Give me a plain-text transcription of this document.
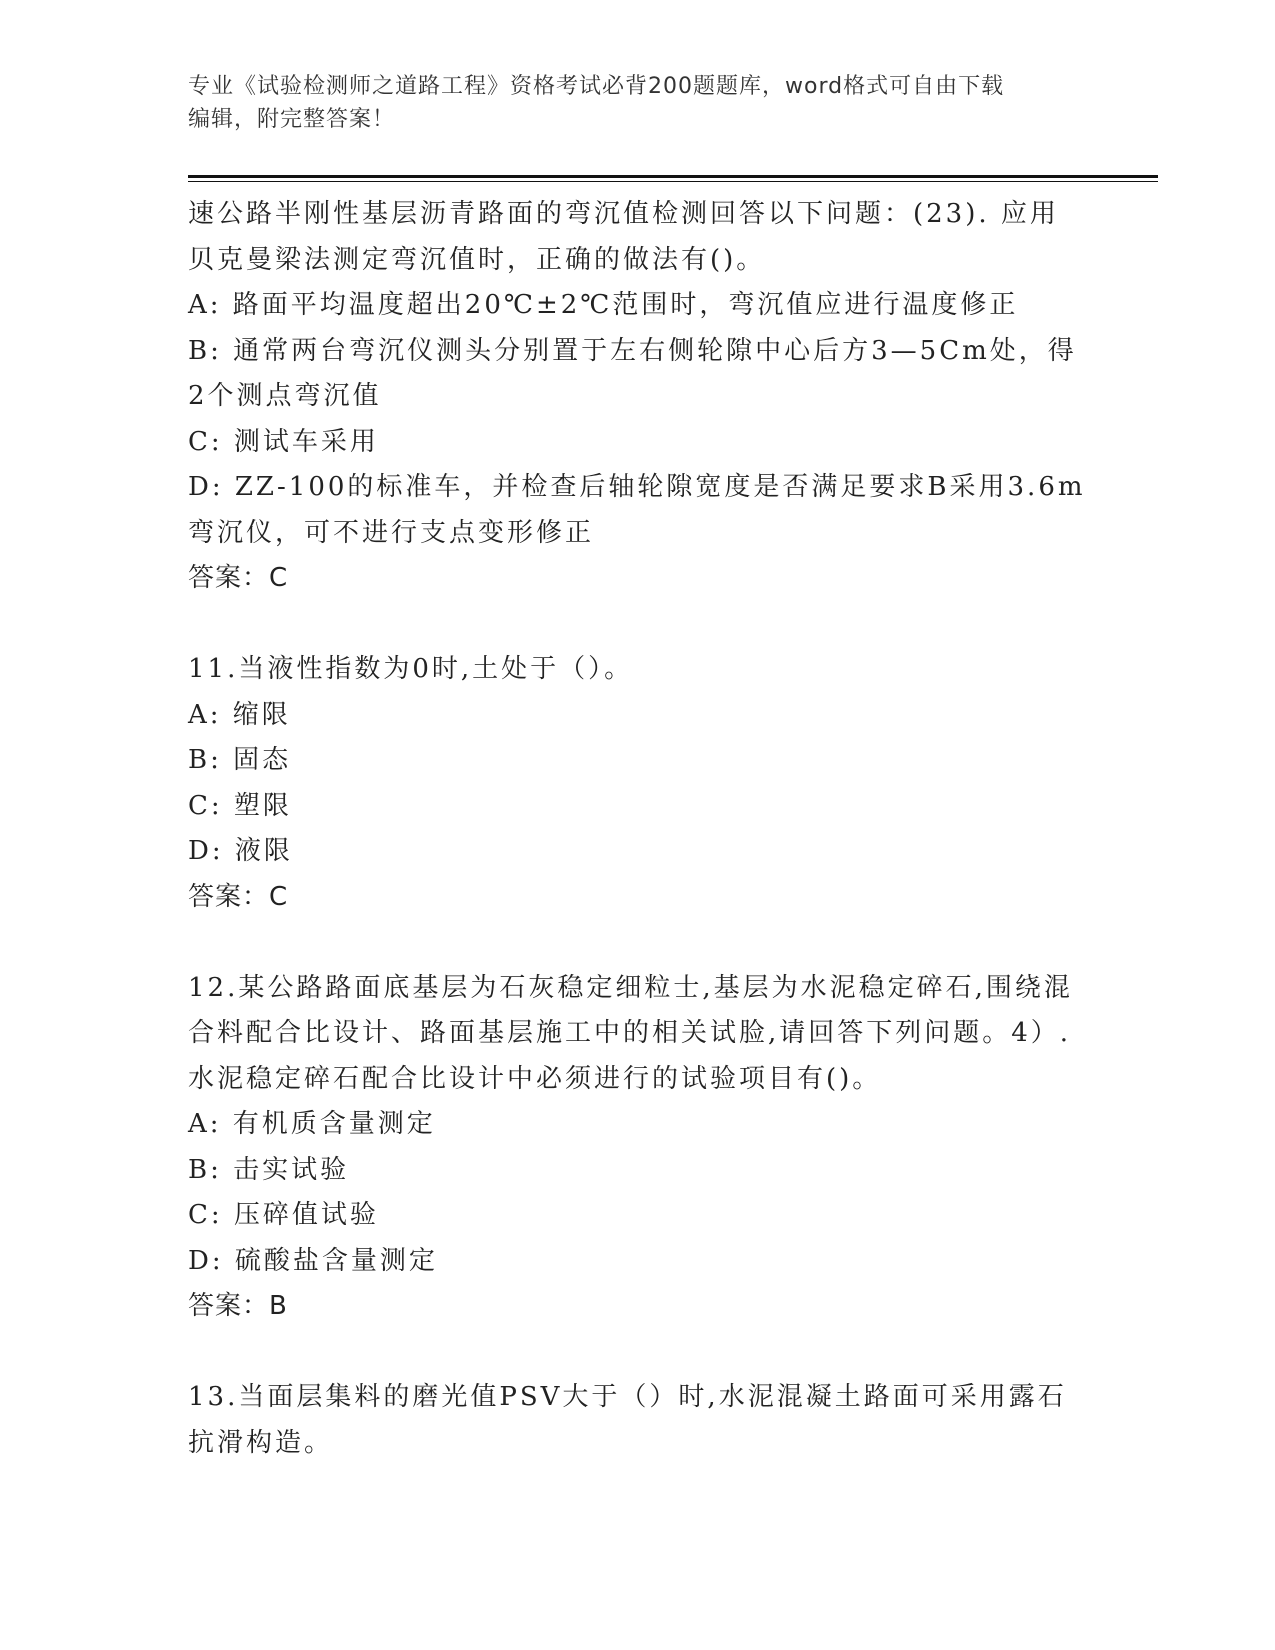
专业《试验检测师之道路工程》资格考试必背200题题库，word格式可自由下载
编辑，附完整答案！
速公路半刚性基层沥青路面的弯沉值检测回答以下问题：(23). 应用
贝克曼梁法测定弯沉值时，正确的做法有()。
A: 路面平均温度超出20℃±2℃范围时，弯沉值应进行温度修正
B: 通常两台弯沉仪测头分别置于左右侧轮隙中心后方3—5Cm处，得
2个测点弯沉值
C: 测试车采用
D: ZZ-100的标准车，并检查后轴轮隙宽度是否满足要求B采用3.6m
弯沉仪，可不进行支点变形修正
答案：C
11.当液性指数为0时,土处于（）。
A: 缩限
B: 固态
C: 塑限
D: 液限
答案：C
12.某公路路面底基层为石灰稳定细粒士,基层为水泥稳定碎石,围绕混
合料配合比设计、路面基层施工中的相关试脸,请回答下列问题。4）.
水泥稳定碎石配合比设计中必须进行的试验项目有()。
A: 有机质含量测定
B: 击实试验
C: 压碎值试验
D: 硫酸盐含量测定
答案：B
13.当面层集料的磨光值PSV大于（）时,水泥混凝土路面可采用露石
抗滑构造。
